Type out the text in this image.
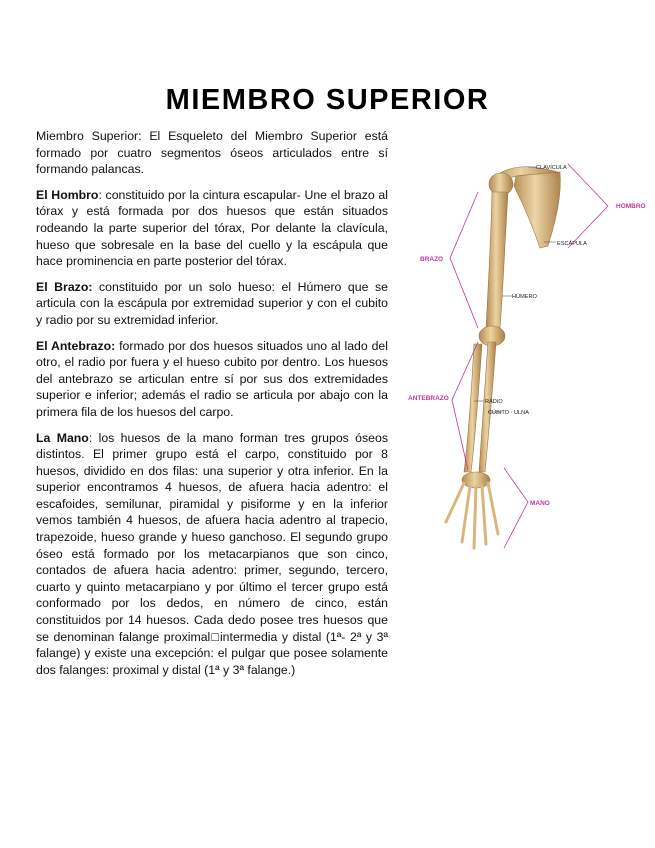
MIEMBRO SUPERIOR

Miembro Superior: El Esqueleto del Miembro Superior está formado por cuatro segmentos óseos articulados entre sí formando palancas.

El Hombro: constituido por la cintura escapular- Une el brazo al tórax y está formada por dos huesos que están situados rodeando la parte superior del tórax, Por delante la clavícula, hueso que sobresale en la base del cuello y la escápula que hace prominencia en parte posterior del tórax.

El Brazo: constituido por un solo hueso: el Húmero que se articula con la escápula por extremidad superior y con el cubito y radio por su extremidad inferior.

El Antebrazo: formado por dos huesos situados uno al lado del otro, el radio por fuera y el hueso cubito por dentro. Los huesos del antebrazo se articulan entre sí por sus dos extremidades superior e inferior; además el radio se articula por abajo con la primera fila de los huesos del carpo.

La Mano: los huesos de la mano forman tres grupos óseos distintos. El primer grupo está el carpo, constituido por 8 huesos, dividido en dos filas: una superior y otra inferior. En la superior encontramos 4 huesos, de afuera hacia adentro: el escafoides, semilunar, piramidal y pisiforme y en la inferior vemos también 4 huesos, de afuera hacia adentro al trapecio, trapezoide, hueso grande y hueso ganchoso. El segundo grupo óseo está formado por los metacarpianos que son cinco, contados de afuera hacia adentro: primer, segundo, tercero, cuarto y quinto metacarpiano y por último el tercer grupo está conformado por los dedos, en número de cinco, están constituidos por 14 huesos. Cada dedo posee tres huesos que se denominan falange proximal□intermedia y distal (1ª- 2ª y 3ª falange) y existe una excepción: el pulgar que posee solamente dos falanges: proximal y distal (1ª y 3ª falange.)

CLAVÍCULA
ESCÁPULA
HÚMERO
RADIO
CÚBITO · ULNA
HOMBRO
BRAZO
ANTEBRAZO
MANO
